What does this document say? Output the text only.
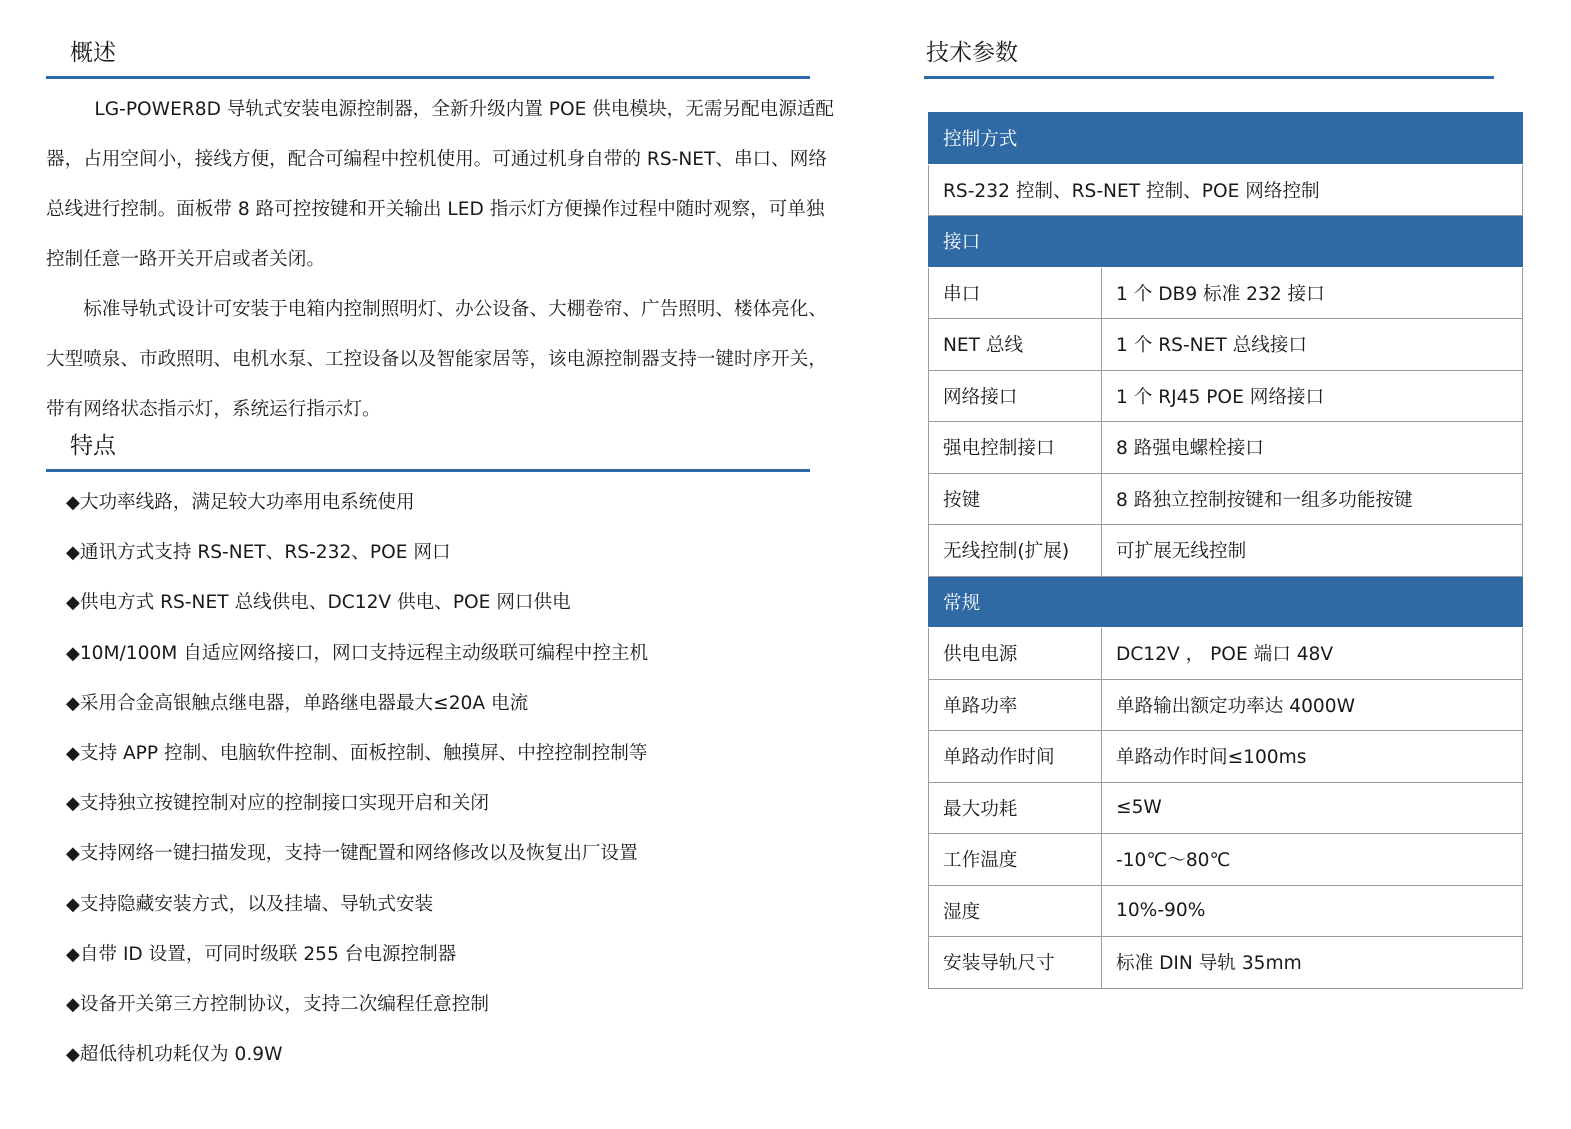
概述

LG-POWER8D 导轨式安装电源控制器，全新升级内置 POE 供电模块，无需另配电源适配器，占用空间小，接线方便，配合可编程中控机使用。可通过机身自带的 RS-NET、串口、网络总线进行控制。面板带 8 路可控按键和开关输出 LED 指示灯方便操作过程中随时观察，可单独控制任意一路开关开启或者关闭。

标准导轨式设计可安装于电箱内控制照明灯、办公设备、大棚卷帘、广告照明、楼体亮化、大型喷泉、市政照明、电机水泵、工控设备以及智能家居等，该电源控制器支持一键时序开关，带有网络状态指示灯，系统运行指示灯。

特点
◆大功率线路，满足较大功率用电系统使用
◆通讯方式支持 RS-NET、RS-232、POE 网口
◆供电方式 RS-NET 总线供电、DC12V 供电、POE 网口供电
◆10M/100M 自适应网络接口，网口支持远程主动级联可编程中控主机
◆采用合金高银触点继电器，单路继电器最大≤20A 电流
◆支持 APP 控制、电脑软件控制、面板控制、触摸屏、中控控制控制等
◆支持独立按键控制对应的控制接口实现开启和关闭
◆支持网络一键扫描发现，支持一键配置和网络修改以及恢复出厂设置
◆支持隐藏安装方式，以及挂墙、导轨式安装
◆自带 ID 设置，可同时级联 255 台电源控制器
◆设备开关第三方控制协议，支持二次编程任意控制
◆超低待机功耗仅为 0.9W
技术参数
控制方式	
RS-232 控制、RS-NET 控制、POE 网络控制	
接口	
串口	1 个 DB9 标准 232 接口
NET 总线	1 个 RS-NET 总线接口
网络接口	1 个 RJ45 POE 网络接口
强电控制接口	8 路强电螺栓接口
按键	8 路独立控制按键和一组多功能按键
无线控制(扩展)	可扩展无线控制
常规	
供电电源	DC12V ， POE 端口 48V
单路功率	单路输出额定功率达 4000W
单路动作时间	单路动作时间≤100ms
最大功耗	≤5W
工作温度	-10℃～80℃
湿度	10%-90%
安装导轨尺寸	标准 DIN 导轨 35mm
